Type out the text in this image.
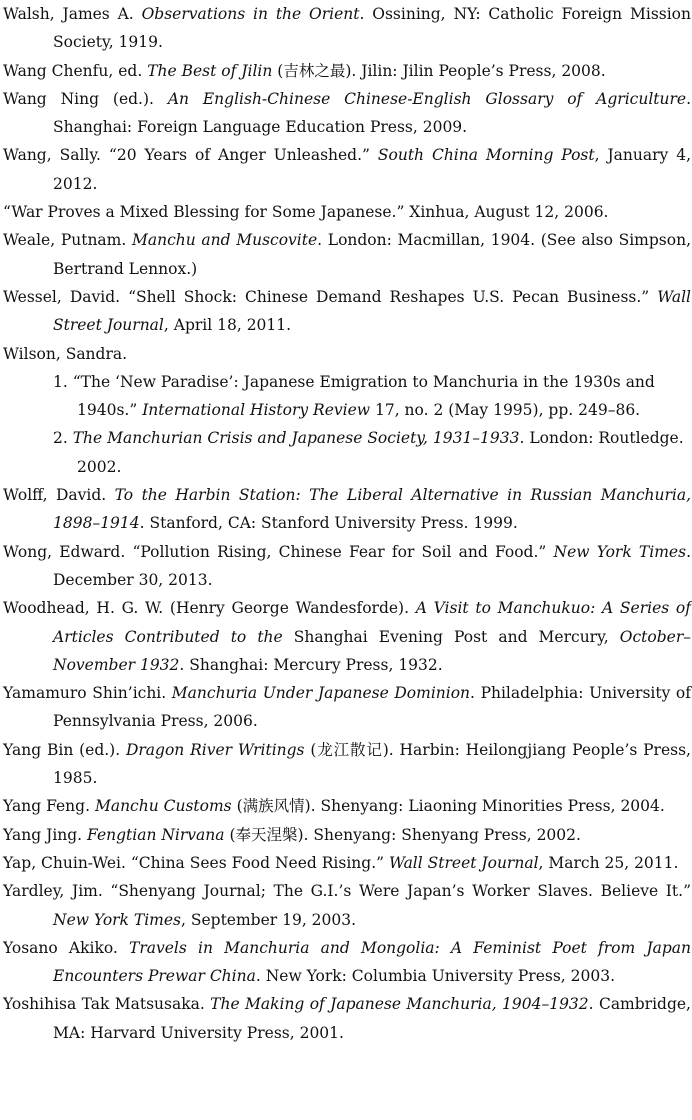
Walsh, James A. Observations in the Orient. Ossining, NY: Catholic Foreign Mission Society, 1919.

Wang Chenfu, ed. The Best of Jilin (吉林之最). Jilin: Jilin People’s Press, 2008.

Wang Ning (ed.). An English-Chinese Chinese-English Glossary of Agriculture. Shanghai: Foreign Language Education Press, 2009.

Wang, Sally. “20 Years of Anger Unleashed.” South China Morning Post, January 4, 2012.

“War Proves a Mixed Blessing for Some Japanese.” Xinhua, August 12, 2006.

Weale, Putnam. Manchu and Muscovite. London: Macmillan, 1904. (See also Simpson, Bertrand Lennox.)

Wessel, David. “Shell Shock: Chinese Demand Reshapes U.S. Pecan Business.” Wall Street Journal, April 18, 2011.

Wilson, Sandra.

1. “The ‘New Paradise’: Japanese Emigration to Manchuria in the 1930s and 1940s.” International History Review 17, no. 2 (May 1995), pp. 249–86.

2. The Manchurian Crisis and Japanese Society, 1931–1933. London: Routledge. 2002.

Wolff, David. To the Harbin Station: The Liberal Alternative in Russian Manchuria, 1898–1914. Stanford, CA: Stanford University Press. 1999.

Wong, Edward. “Pollution Rising, Chinese Fear for Soil and Food.” New York Times. December 30, 2013.

Woodhead, H. G. W. (Henry George Wandesforde). A Visit to Manchukuo: A Series of Articles Contributed to the Shanghai Evening Post and Mercury, October–November 1932. Shanghai: Mercury Press, 1932.

Yamamuro Shin’ichi. Manchuria Under Japanese Dominion. Philadelphia: University of Pennsylvania Press, 2006.

Yang Bin (ed.). Dragon River Writings (龙江散记). Harbin: Heilongjiang People’s Press, 1985.

Yang Feng. Manchu Customs (满族风情). Shenyang: Liaoning Minorities Press, 2004.

Yang Jing. Fengtian Nirvana (奉天涅槃). Shenyang: Shenyang Press, 2002.

Yap, Chuin-Wei. “China Sees Food Need Rising.” Wall Street Journal, March 25, 2011.

Yardley, Jim. “Shenyang Journal; The G.I.’s Were Japan’s Worker Slaves. Believe It.” New York Times, September 19, 2003.

Yosano Akiko. Travels in Manchuria and Mongolia: A Feminist Poet from Japan Encounters Prewar China. New York: Columbia University Press, 2003.

Yoshihisa Tak Matsusaka. The Making of Japanese Manchuria, 1904–1932. Cambridge, MA: Harvard University Press, 2001.
